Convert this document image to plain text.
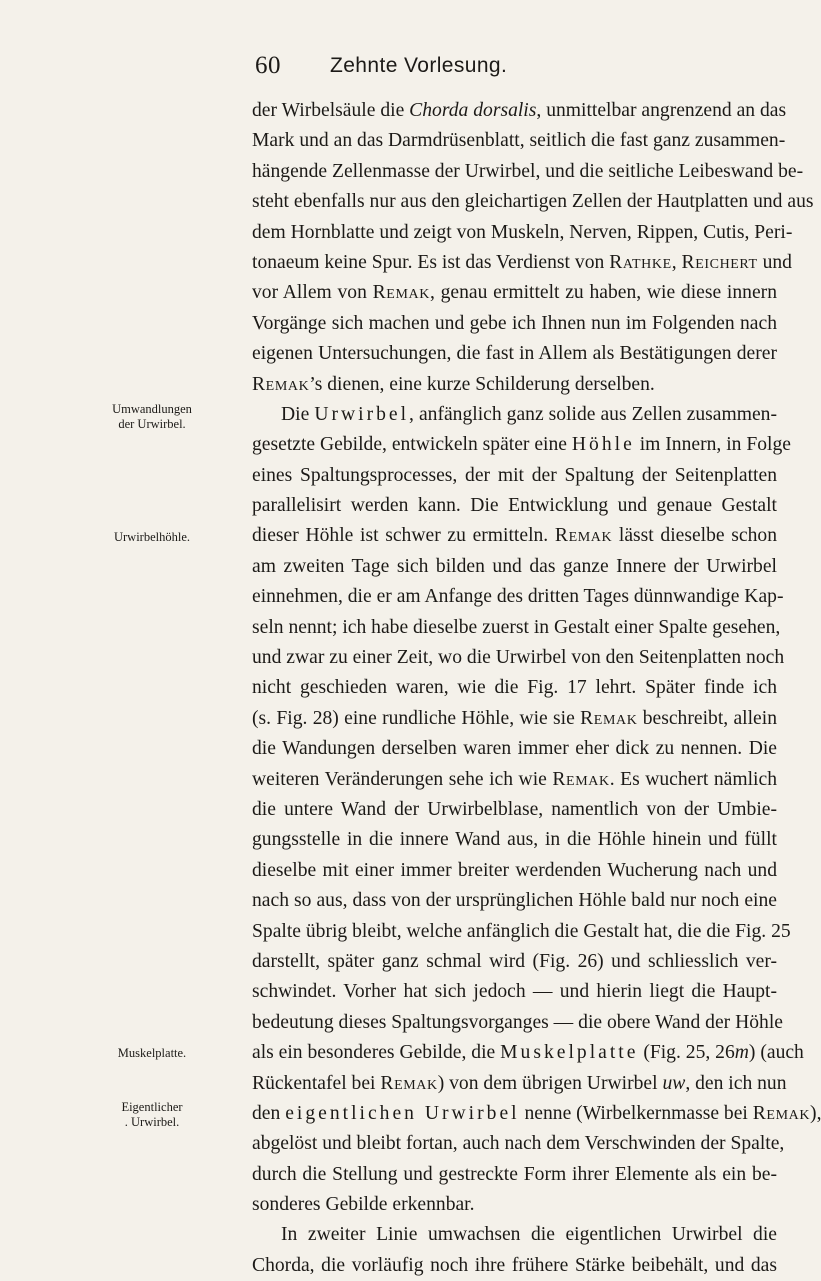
60 Zehnte Vorlesung.
Umwandlungen
der Urwirbel.
Urwirbelhöhle.
Muskelplatte.
Eigentlicher
. Urwirbel.
der Wirbelsäule die Chorda dorsalis, unmittelbar angrenzend an das
Mark und an das Darmdrüsenblatt, seitlich die fast ganz zusammen-
hängende Zellenmasse der Urwirbel, und die seitliche Leibeswand be-
steht ebenfalls nur aus den gleichartigen Zellen der Hautplatten und aus
dem Hornblatte und zeigt von Muskeln, Nerven, Rippen, Cutis, Peri-
tonaeum keine Spur. Es ist das Verdienst von Rathke, Reichert und
vor Allem von Remak, genau ermittelt zu haben, wie diese innern
Vorgänge sich machen und gebe ich Ihnen nun im Folgenden nach
eigenen Untersuchungen, die fast in Allem als Bestätigungen derer
Remak’s dienen, eine kurze Schilderung derselben.
Die Urwirbel, anfänglich ganz solide aus Zellen zusammen-
gesetzte Gebilde, entwickeln später eine Höhle im Innern, in Folge
eines Spaltungsprocesses, der mit der Spaltung der Seitenplatten
parallelisirt werden kann. Die Entwicklung und genaue Gestalt
dieser Höhle ist schwer zu ermitteln. Remak lässt dieselbe schon
am zweiten Tage sich bilden und das ganze Innere der Urwirbel
einnehmen, die er am Anfange des dritten Tages dünnwandige Kap-
seln nennt; ich habe dieselbe zuerst in Gestalt einer Spalte gesehen,
und zwar zu einer Zeit, wo die Urwirbel von den Seitenplatten noch
nicht geschieden waren, wie die Fig. 17 lehrt. Später finde ich
(s. Fig. 28) eine rundliche Höhle, wie sie Remak beschreibt, allein
die Wandungen derselben waren immer eher dick zu nennen. Die
weiteren Veränderungen sehe ich wie Remak. Es wuchert nämlich
die untere Wand der Urwirbelblase, namentlich von der Umbie-
gungsstelle in die innere Wand aus, in die Höhle hinein und füllt
dieselbe mit einer immer breiter werdenden Wucherung nach und
nach so aus, dass von der ursprünglichen Höhle bald nur noch eine
Spalte übrig bleibt, welche anfänglich die Gestalt hat, die die Fig. 25
darstellt, später ganz schmal wird (Fig. 26) und schliesslich ver-
schwindet. Vorher hat sich jedoch — und hierin liegt die Haupt-
bedeutung dieses Spaltungsvorganges — die obere Wand der Höhle
als ein besonderes Gebilde, die Muskelplatte (Fig. 25, 26m) (auch
Rückentafel bei Remak) von dem übrigen Urwirbel uw, den ich nun
den eigentlichen Urwirbel nenne (Wirbelkernmasse bei Remak),
abgelöst und bleibt fortan, auch nach dem Verschwinden der Spalte,
durch die Stellung und gestreckte Form ihrer Elemente als ein be-
sonderes Gebilde erkennbar.
In zweiter Linie umwachsen die eigentlichen Urwirbel die
Chorda, die vorläufig noch ihre frühere Stärke beibehält, und das
